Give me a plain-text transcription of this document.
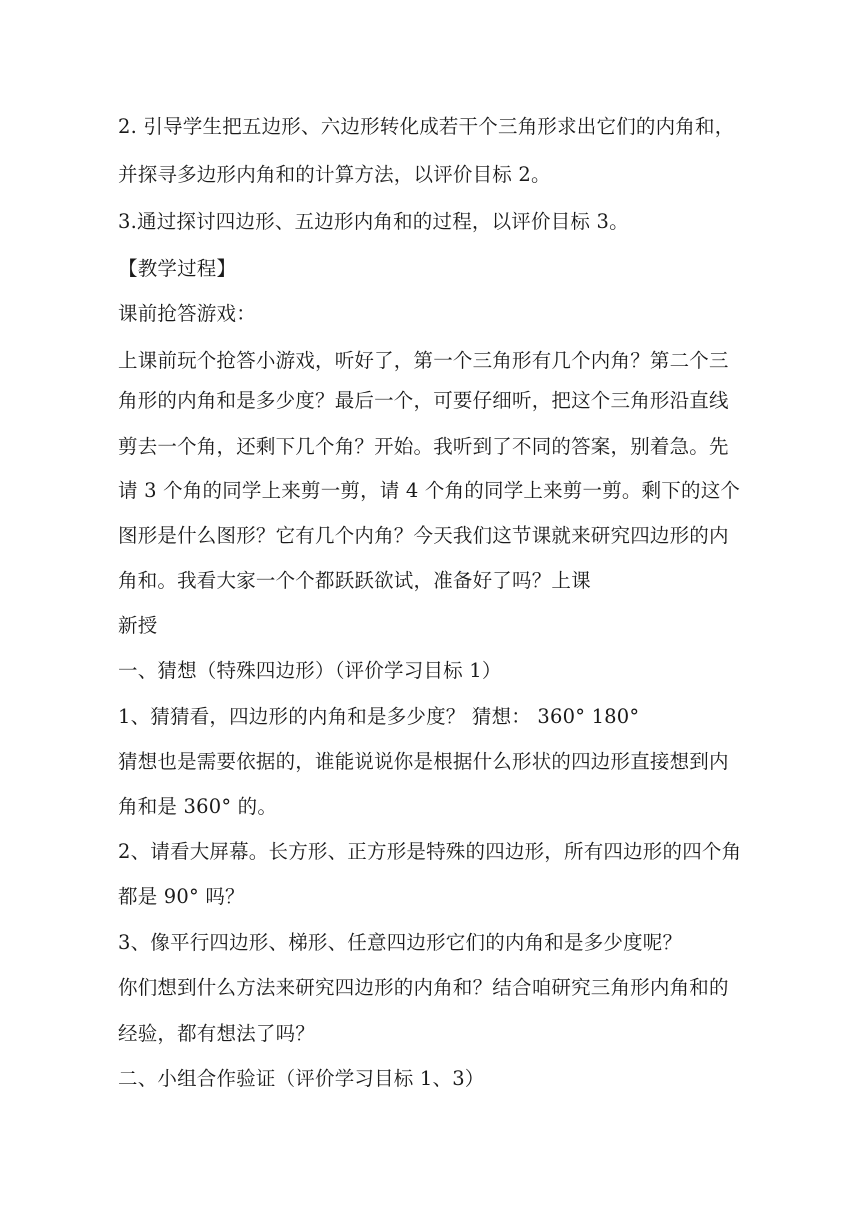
2. 引导学生把五边形、六边形转化成若干个三角形求出它们的内角和，
并探寻多边形内角和的计算方法，以评价目标 2。
3.通过探讨四边形、五边形内角和的过程，以评价目标 3。
【教学过程】
课前抢答游戏：
上课前玩个抢答小游戏，听好了，第一个三角形有几个内角？第二个三
角形的内角和是多少度？最后一个，可要仔细听，把这个三角形沿直线
剪去一个角，还剩下几个角？开始。我听到了不同的答案，别着急。先
请 3 个角的同学上来剪一剪，请 4 个角的同学上来剪一剪。剩下的这个
图形是什么图形？它有几个内角？今天我们这节课就来研究四边形的内
角和。我看大家一个个都跃跃欲试，准备好了吗？上课
新授
一、猜想（特殊四边形）（评价学习目标 1）
1、猜猜看，四边形的内角和是多少度？ 猜想： 360° 180°
猜想也是需要依据的，谁能说说你是根据什么形状的四边形直接想到内
角和是 360° 的。
2、请看大屏幕。长方形、正方形是特殊的四边形，所有四边形的四个角
都是 90° 吗？
3、像平行四边形、梯形、任意四边形它们的内角和是多少度呢？
你们想到什么方法来研究四边形的内角和？结合咱研究三角形内角和的
经验，都有想法了吗？
二、小组合作验证（评价学习目标 1、3）
